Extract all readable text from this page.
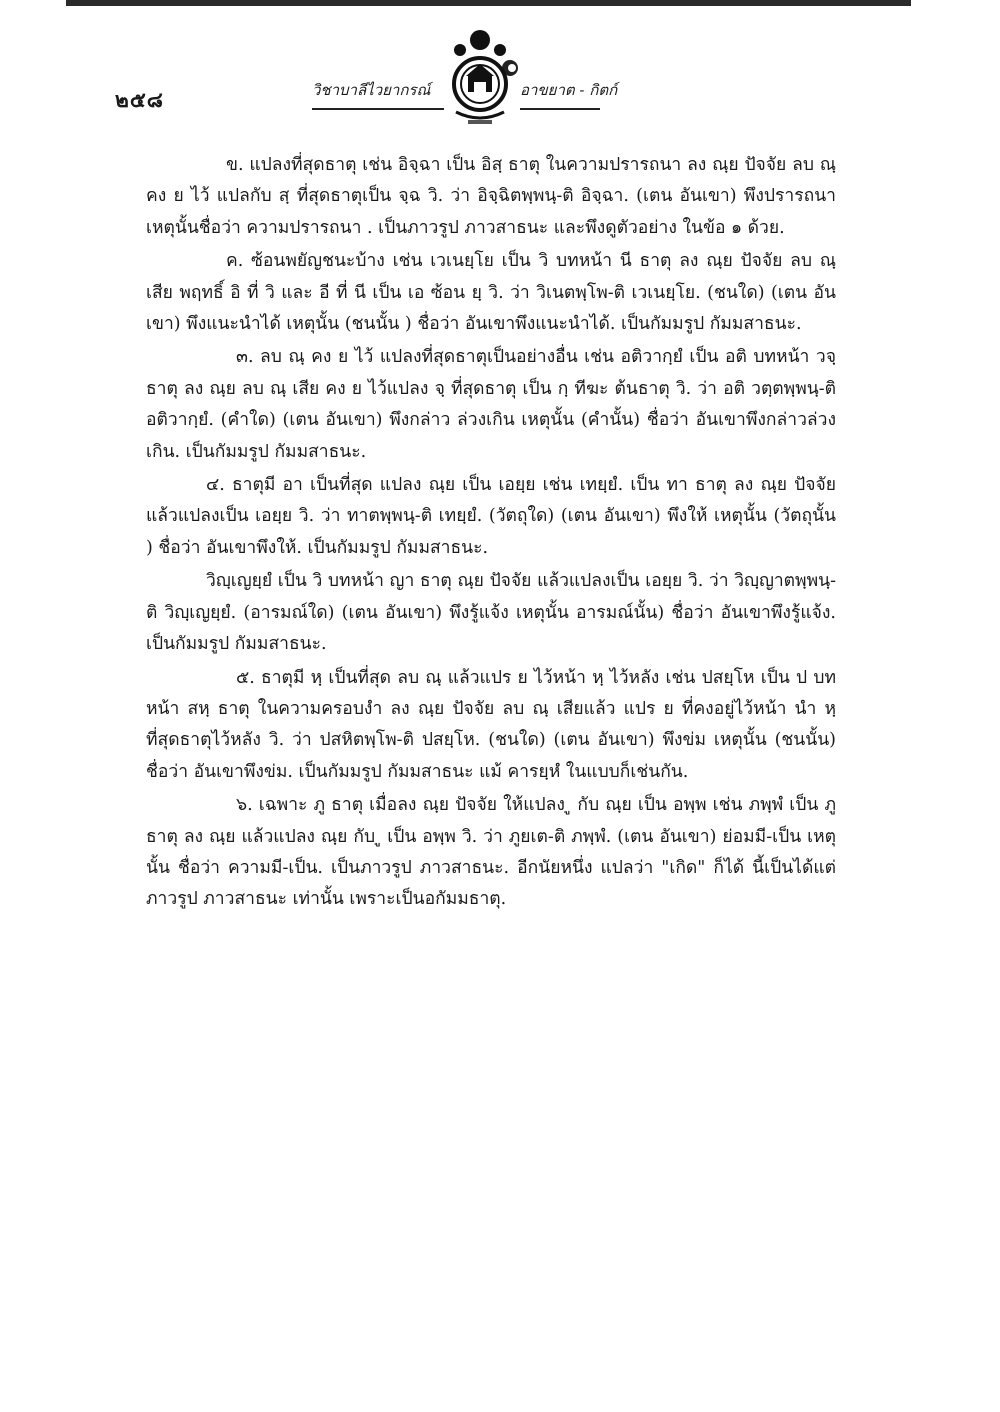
๒๕๘	วิชาบาลีไวยากรณ์	อาขยาต - กิตก์

ข. แปลงที่สุดธาตุ เช่น อิจฺฉา เป็น อิสฺ ธาตุ ในความปรารถนา ลง ณฺย ปัจจัย ลบ ณฺ คง ย ไว้ แปลกับ สฺ ที่สุดธาตุเป็น จฺฉ วิ. ว่า อิจฺฉิตพฺพนฺ-ติ อิจฺฉา. (เตน อันเขา) พึงปรารถนา เหตุนั้นชื่อว่า ความปรารถนา . เป็นภาวรูป ภาวสาธนะ และพึงดูตัวอย่าง ในข้อ ๑ ด้วย.

ค. ซ้อนพยัญชนะบ้าง เช่น เวเนยฺโย เป็น วิ บทหน้า นี ธาตุ ลง ณฺย ปัจจัย ลบ ณฺ เสีย พฤทธิ์ อิ ที่ วิ และ อี ที่ นี เป็น เอ ซ้อน ยฺ วิ. ว่า วิเนตพฺโพ-ติ เวเนยฺโย. (ชนใด) (เตน อันเขา) พึงแนะนำได้ เหตุนั้น (ชนนั้น ) ชื่อว่า อันเขาพึงแนะนำได้. เป็นกัมมรูป กัมมสาธนะ.

๓. ลบ ณฺ คง ย ไว้ แปลงที่สุดธาตุเป็นอย่างอื่น เช่น อติวากฺยํ เป็น อติ บทหน้า วจฺ ธาตุ ลง ณฺย ลบ ณฺ เสีย คง ย ไว้แปลง จฺ ที่สุดธาตุ เป็น กฺ ทีฆะ ต้นธาตุ วิ. ว่า อติ วตฺตพฺพนฺ-ติ อติวากฺยํ. (คำใด) (เตน อันเขา) พึงกล่าว ล่วงเกิน เหตุนั้น (คำนั้น) ชื่อว่า อันเขาพึงกล่าวล่วงเกิน. เป็นกัมมรูป กัมมสาธนะ.

๔. ธาตุมี อา เป็นที่สุด แปลง ณฺย เป็น เอยฺย เช่น เทยฺยํ. เป็น ทา ธาตุ ลง ณฺย ปัจจัย แล้วแปลงเป็น เอยฺย วิ. ว่า ทาตพฺพนฺ-ติ เทยฺยํ. (วัตถุใด) (เตน อันเขา) พึงให้ เหตุนั้น (วัตถุนั้น ) ชื่อว่า อันเขาพึงให้. เป็นกัมมรูป กัมมสาธนะ.

วิญฺเญยฺยํ เป็น วิ บทหน้า ญา ธาตุ ณฺย ปัจจัย แล้วแปลงเป็น เอยฺย วิ. ว่า วิญฺญาตพฺพนฺ-ติ วิญฺเญยฺยํ. (อารมณ์ใด) (เตน อันเขา) พึงรู้แจ้ง เหตุนั้น อารมณ์นั้น) ชื่อว่า อันเขาพึงรู้แจ้ง. เป็นกัมมรูป กัมมสาธนะ.

๕. ธาตุมี หฺ เป็นที่สุด ลบ ณฺ แล้วแปร ย ไว้หน้า หฺ ไว้หลัง เช่น ปสยฺโห เป็น ป บทหน้า สหฺ ธาตุ ในความครอบงำ ลง ณฺย ปัจจัย ลบ ณฺ เสียแล้ว แปร ย ที่คงอยู่ไว้หน้า นำ หฺ ที่สุดธาตุไว้หลัง วิ. ว่า ปสหิตพฺโพ-ติ ปสยฺโห. (ชนใด) (เตน อันเขา) พึงข่ม เหตุนั้น (ชนนั้น) ชื่อว่า อันเขาพึงข่ม. เป็นกัมมรูป กัมมสาธนะ แม้ คารยฺหํ ในแบบก็เช่นกัน.

๖. เฉพาะ ภู ธาตุ เมื่อลง ณฺย ปัจจัย ให้แปลง ู กับ ณฺย เป็น อพฺพ เช่น ภพฺพํ เป็น ภู ธาตุ ลง ณฺย แล้วแปลง ณฺย กับ ู เป็น อพฺพ วิ. ว่า ภูยเต-ติ ภพฺพํ. (เตน อันเขา) ย่อมมี-เป็น เหตุนั้น ชื่อว่า ความมี-เป็น. เป็นภาวรูป ภาวสาธนะ. อีกนัยหนึ่ง แปลว่า "เกิด" ก็ได้ นี้เป็นได้แต่ ภาวรูป ภาวสาธนะ เท่านั้น เพราะเป็นอกัมมธาตุ.
